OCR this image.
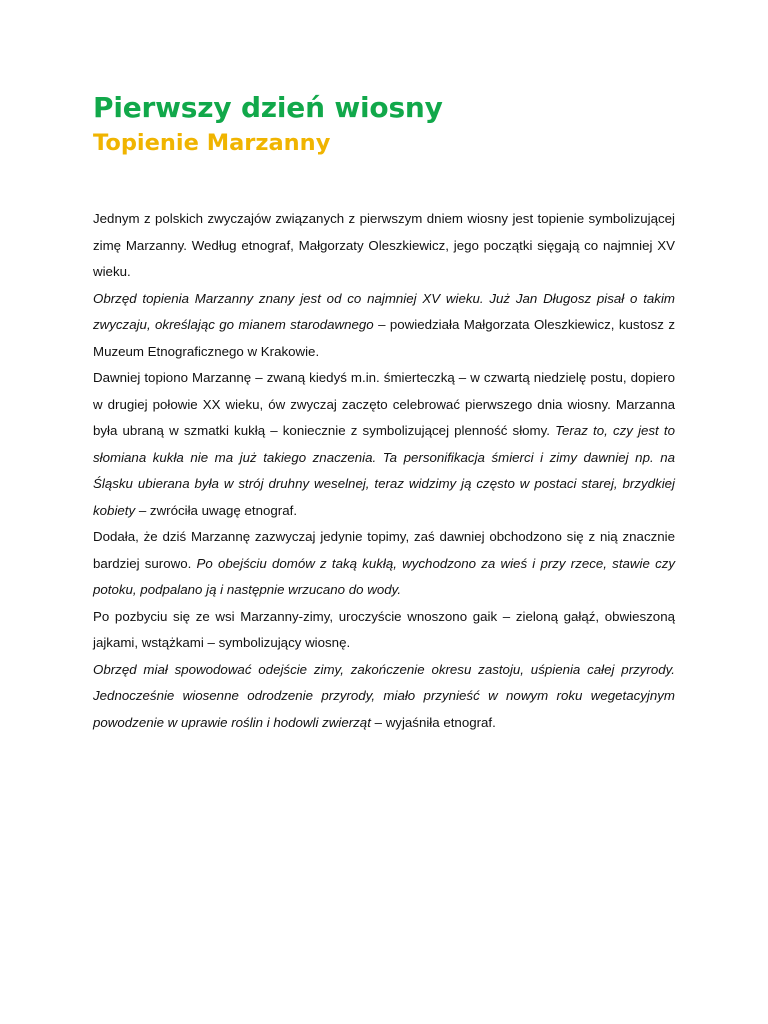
Pierwszy dzień wiosny
Topienie Marzanny

Jednym z polskich zwyczajów związanych z pierwszym dniem wiosny jest topienie symbolizującej zimę Marzanny. Według etnograf, Małgorzaty Oleszkiewicz, jego początki sięgają co najmniej XV wieku.

Obrzęd topienia Marzanny znany jest od co najmniej XV wieku. Już Jan Długosz pisał o takim zwyczaju, określając go mianem starodawnego – powiedziała Małgorzata Oleszkiewicz, kustosz z Muzeum Etnograficznego w Krakowie.

Dawniej topiono Marzannę – zwaną kiedyś m.in. śmierteczką – w czwartą niedzielę postu, dopiero w drugiej połowie XX wieku, ów zwyczaj zaczęto celebrować pierwszego dnia wiosny. Marzanna była ubraną w szmatki kukłą – koniecznie z symbolizującej plenność słomy. Teraz to, czy jest to słomiana kukła nie ma już takiego znaczenia. Ta personifikacja śmierci i zimy dawniej np. na Śląsku ubierana była w strój druhny weselnej, teraz widzimy ją często w postaci starej, brzydkiej kobiety – zwróciła uwagę etnograf.

Dodała, że dziś Marzannę zazwyczaj jedynie topimy, zaś dawniej obchodzono się z nią znacznie bardziej surowo. Po obejściu domów z taką kukłą, wychodzono za wieś i przy rzece, stawie czy potoku, podpalano ją i następnie wrzucano do wody.

Po pozbyciu się ze wsi Marzanny-zimy, uroczyście wnoszono gaik – zieloną gałąź, obwieszoną jajkami, wstążkami – symbolizujący wiosnę.

Obrzęd miał spowodować odejście zimy, zakończenie okresu zastoju, uśpienia całej przyrody. Jednocześnie wiosenne odrodzenie przyrody, miało przynieść w nowym roku wegetacyjnym powodzenie w uprawie roślin i hodowli zwierząt – wyjaśniła etnograf.
